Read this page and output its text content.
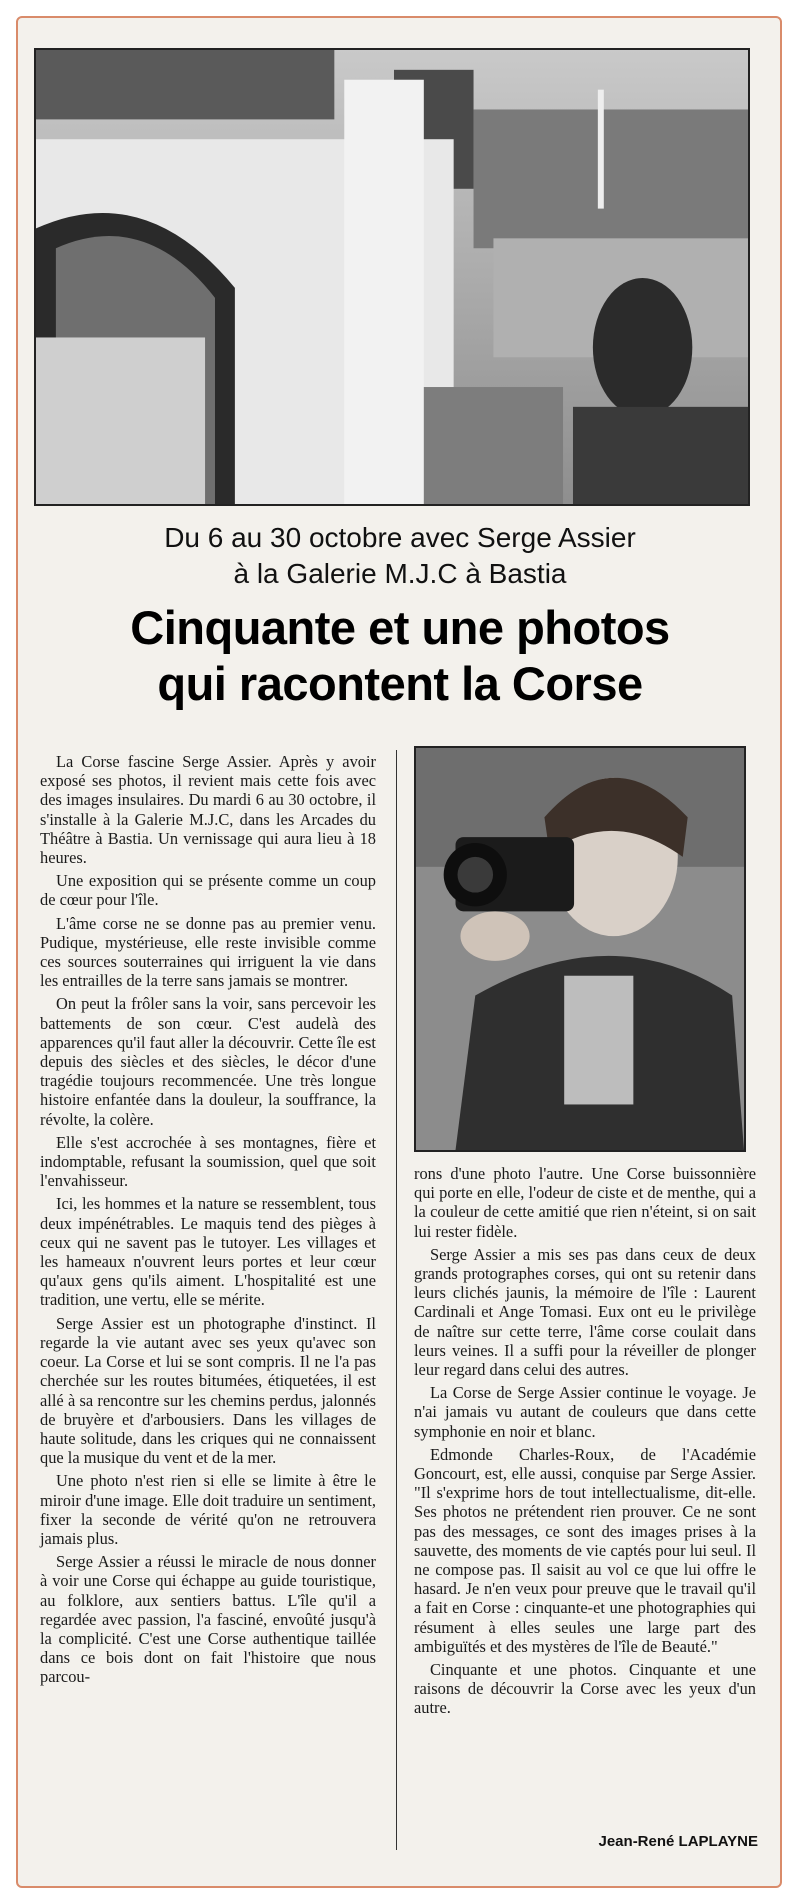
Du 6 au 30 octobre avec Serge Assier
à la Galerie M.J.C à Bastia
Cinquante et une photos
qui racontent la Corse

La Corse fascine Serge Assier. Après y avoir exposé ses photos, il revient mais cette fois avec des images insulaires. Du mardi 6 au 30 octobre, il s'installe à la Galerie M.J.C, dans les Arcades du Théâtre à Bastia. Un vernissage qui aura lieu à 18 heures.

Une exposition qui se présente comme un coup de cœur pour l'île.

L'âme corse ne se donne pas au premier venu. Pudique, mystérieuse, elle reste invisible comme ces sources souterraines qui irriguent la vie dans les entrailles de la terre sans jamais se montrer.

On peut la frôler sans la voir, sans percevoir les battements de son cœur. C'est audelà des apparences qu'il faut aller la découvrir. Cette île est depuis des siècles et des siècles, le décor d'une tragédie toujours recommencée. Une très longue histoire enfantée dans la douleur, la souffrance, la révolte, la colère.

Elle s'est accrochée à ses montagnes, fière et indomptable, refusant la soumission, quel que soit l'envahisseur.

Ici, les hommes et la nature se ressemblent, tous deux impénétrables. Le maquis tend des pièges à ceux qui ne savent pas le tutoyer. Les villages et les hameaux n'ouvrent leurs portes et leur cœur qu'aux gens qu'ils aiment. L'hospitalité est une tradition, une vertu, elle se mérite.

Serge Assier est un photographe d'instinct. Il regarde la vie autant avec ses yeux qu'avec son coeur. La Corse et lui se sont compris. Il ne l'a pas cherchée sur les routes bitumées, étiquetées, il est allé à sa rencontre sur les chemins perdus, jalonnés de bruyère et d'arbousiers. Dans les villages de haute solitude, dans les criques qui ne connaissent que la musique du vent et de la mer.

Une photo n'est rien si elle se limite à être le miroir d'une image. Elle doit traduire un sentiment, fixer la seconde de vérité qu'on ne retrouvera jamais plus.

Serge Assier a réussi le miracle de nous donner à voir une Corse qui échappe au guide touristique, au folklore, aux sentiers battus. L'île qu'il a regardée avec passion, l'a fasciné, envoûté jusqu'à la complicité. C'est une Corse authentique taillée dans ce bois dont on fait l'histoire que nous parcou-

rons d'une photo l'autre. Une Corse buissonnière qui porte en elle, l'odeur de ciste et de menthe, qui a la couleur de cette amitié que rien n'éteint, si on sait lui rester fidèle.

Serge Assier a mis ses pas dans ceux de deux grands protographes corses, qui ont su retenir dans leurs clichés jaunis, la mémoire de l'île : Laurent Cardinali et Ange Tomasi. Eux ont eu le privilège de naître sur cette terre, l'âme corse coulait dans leurs veines. Il a suffi pour la réveiller de plonger leur regard dans celui des autres.

La Corse de Serge Assier continue le voyage. Je n'ai jamais vu autant de couleurs que dans cette symphonie en noir et blanc.

Edmonde Charles-Roux, de l'Académie Goncourt, est, elle aussi, conquise par Serge Assier. "Il s'exprime hors de tout intellectualisme, dit-elle. Ses photos ne prétendent rien prouver. Ce ne sont pas des messages, ce sont des images prises à la sauvette, des moments de vie captés pour lui seul. Il ne compose pas. Il saisit au vol ce que lui offre le hasard. Je n'en veux pour preuve que le travail qu'il a fait en Corse : cinquante-et une photographies qui résument à elles seules une large part des ambiguïtés et des mystères de l'île de Beauté."

Cinquante et une photos. Cinquante et une raisons de découvrir la Corse avec les yeux d'un autre.

Jean-René LAPLAYNE
